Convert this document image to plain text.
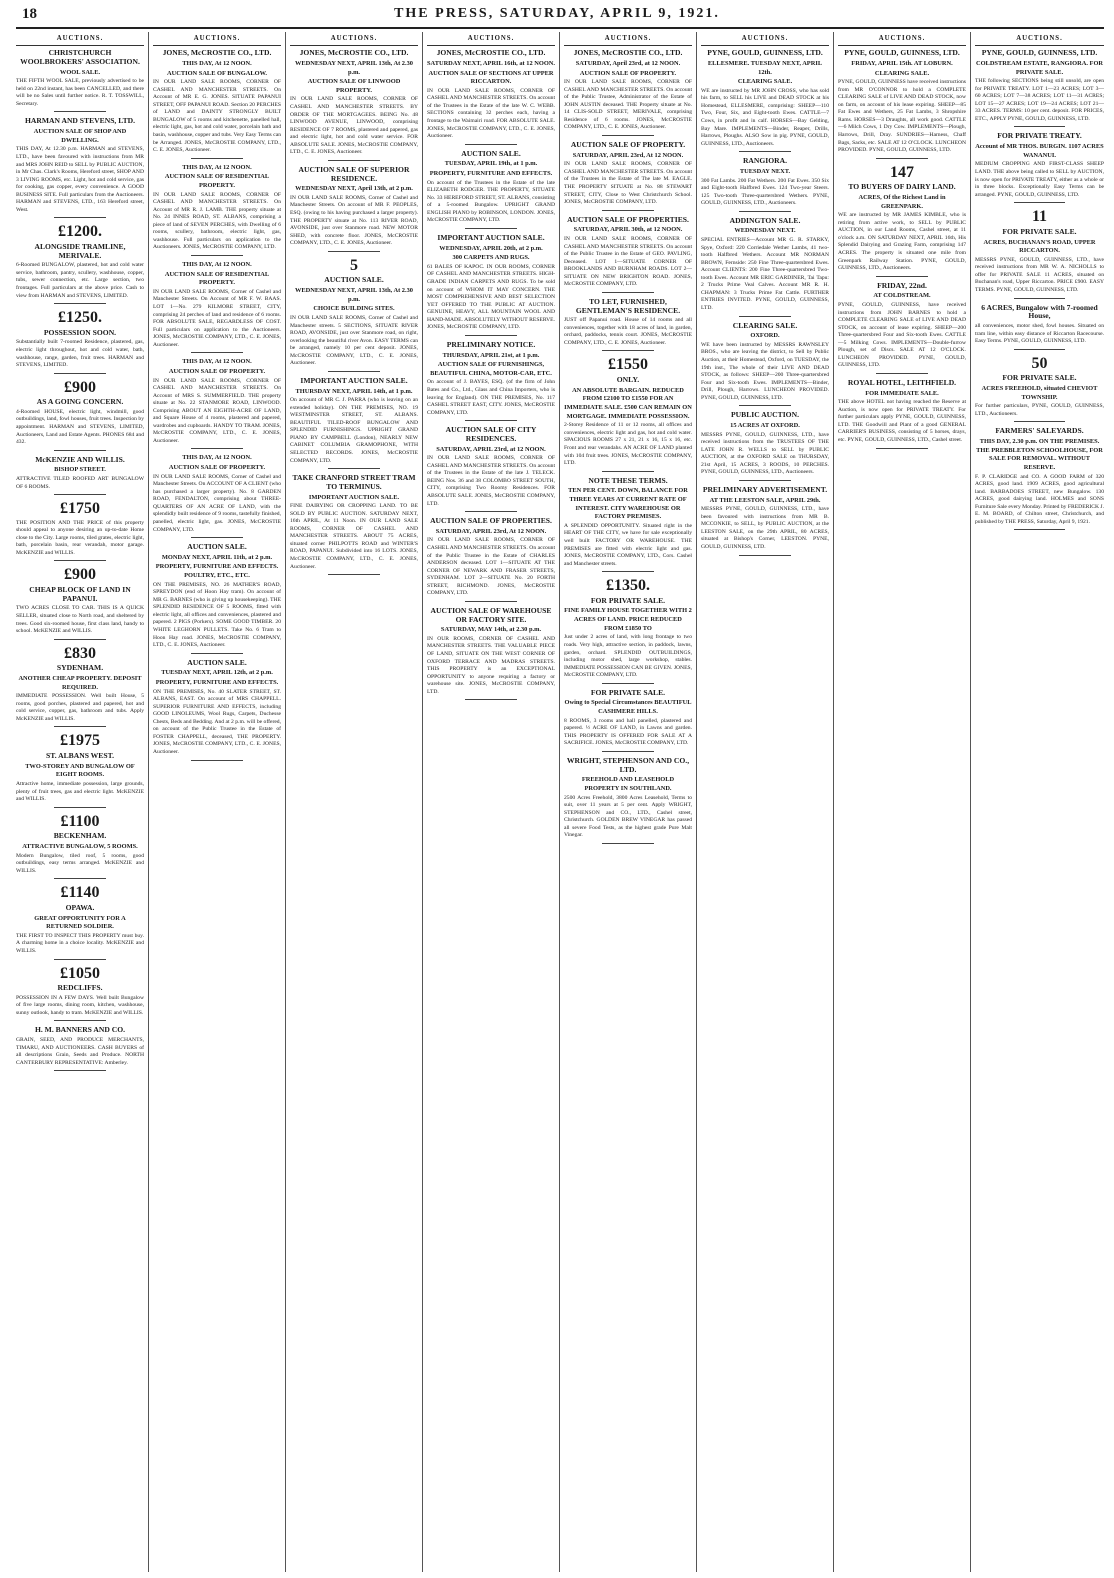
18	THE PRESS, SATURDAY, APRIL 9, 1921.
AUCTIONS.
CHRISTCHURCH WOOLBROKERS' ASSOCIATION.
WOOL SALE.
THE FIFTH WOOL SALE, previously advertised to be held on 22nd instant, has been CANCELLED, and there will be no Sales until further notice. R. T. TOSSWILL, Secretary.
HARMAN AND STEVENS, LTD.
AUCTION SALE OF SHOP AND DWELLING.
THIS DAY, At 12.30 p.m. HARMAN and STEVENS, LTD., have been favoured with instructions from MR and MRS JOHN REID to SELL by PUBLIC AUCTION, in Mr Chas. Clark's Rooms, Hereford street, SHOP AND 3 LIVING ROOMS, etc. Light, hot and cold service, gas for cooking, gas copper, every convenience. A GOOD BUSINESS SITE. Full particulars from the Auctioneers. HARMAN and STEVENS, LTD., 163 Hereford street, West.
£1200.
ALONGSIDE TRAMLINE, MERIVALE.
6-Roomed BUNGALOW, plastered, hot and cold water service, bathroom, pantry, scullery, washhouse, copper, tubs, sewer connection, etc. Large section, two frontages. Full particulars at the above price. Cash to view from HARMAN and STEVENS, LIMITED.
£1250.
POSSESSION SOON.
Substantially built 7-roomed Residence, plastered, gas, electric light throughout, hot and cold water, bath, washhouse, range, garden, fruit trees. HARMAN and STEVENS, LIMITED.
£900
AS A GOING CONCERN.
4-Roomed HOUSE, electric light, windmill, good outbuildings, land, fowl houses, fruit trees. Inspection by appointment. HARMAN and STEVENS, LIMITED, Auctioneers, Land and Estate Agents. PHONES 684 and 432.
McKENZIE AND WILLIS.
BISHOP STREET.
ATTRACTIVE TILED ROOFED ART BUNGALOW OF 6 ROOMS.
£1750
THE POSITION AND THE PRICE of this property should appeal to anyone desiring an up-to-date Home close to the City. Large rooms, tiled grates, electric light, bath, porcelain basin, rear verandah, motor garage. McKENZIE and WILLIS.
£900
CHEAP BLOCK OF LAND IN PAPANUI.
TWO ACRES CLOSE TO CAR. THIS IS A QUICK SELLER, situated close to North road, and sheltered by trees. Good six-roomed house, first class land, handy to school. McKENZIE and WILLIS.
£830
SYDENHAM.
ANOTHER CHEAP PROPERTY. DEPOSIT REQUIRED.
IMMEDIATE POSSESSION. Well built House, 5 rooms, good porches, plastered and papered, hot and cold service, copper, gas, bathroom and tubs. Apply McKENZIE and WILLIS.
£1975
ST. ALBANS WEST.
TWO-STOREY AND BUNGALOW OF EIGHT ROOMS.
Attractive home, immediate possession, large grounds, plenty of fruit trees, gas and electric light. McKENZIE and WILLIS.
£1100
BECKENHAM.
ATTRACTIVE BUNGALOW, 5 ROOMS.
Modern Bungalow, tiled roof, 5 rooms, good outbuildings, easy terms arranged. McKENZIE and WILLIS.
£1140
OPAWA.
GREAT OPPORTUNITY FOR A RETURNED SOLDIER.
THE FIRST TO INSPECT THIS PROPERTY must buy. A charming home in a choice locality. McKENZIE and WILLIS.
£1050
REDCLIFFS.
POSSESSION IN A FEW DAYS. Well built Bungalow of five large rooms, dining room, kitchen, washhouse, sunny outlook, handy to tram. McKENZIE and WILLIS.
H. M. BANNERS AND CO.
GRAIN, SEED, AND PRODUCE MERCHANTS, TIMARU, AND AUCTIONEERS. CASH BUYERS of all descriptions Grain, Seeds and Produce. NORTH CANTERBURY REPRESENTATIVE: Amberley.
AUCTIONS.
JONES, McCROSTIE CO., LTD.
THIS DAY, At 12 NOON.
AUCTION SALE OF BUNGALOW.
IN OUR LAND SALE ROOMS, CORNER OF CASHEL AND MANCHESTER STREETS. On Account of MR E. G. JONES. SITUATE PAPANUI STREET, OFF PAPANUI ROAD. Section 20 PERCHES of LAND and DAINTY STRONGLY BUILT BUNGALOW of 5 rooms and kitchenette, panelled hall, electric light, gas, hot and cold water, porcelain bath and basin, washhouse, copper and tubs. Very Easy Terms can be Arranged. JONES, McCROSTIE COMPANY, LTD., C. E. JONES, Auctioneer.
THIS DAY, At 12 NOON.
AUCTION SALE OF RESIDENTIAL PROPERTY.
IN OUR LAND SALE ROOMS, CORNER OF CASHEL AND MANCHESTER STREETS. On Account of MR R. J. LAMB. THE property situate at No. 24 INNES ROAD, ST. ALBANS, comprising a piece of land of SEVEN PERCHES, with Dwelling of 6 rooms, scullery, bathroom, electric light, gas, washhouse. Full particulars on application to the Auctioneers. JONES, McCROSTIE COMPANY, LTD.
THIS DAY, At 12 NOON.
AUCTION SALE OF RESIDENTIAL PROPERTY.
IN OUR LAND SALE ROOMS, Corner of Cashel and Manchester Streets. On Account of MR F. W. BAAS. LOT 1—No. 279 KILMORE STREET, CITY, comprising 24 perches of land and residence of 6 rooms. FOR ABSOLUTE SALE, REGARDLESS OF COST. Full particulars on application to the Auctioneers. JONES, McCROSTIE COMPANY, LTD., C. E. JONES, Auctioneer.
THIS DAY, At 12 NOON.
AUCTION SALE OF PROPERTY.
IN OUR LAND SALE ROOMS, CORNER OF CASHEL AND MANCHESTER STREETS. On Account of MRS S. SUMMERFIELD. THE property situate at No. 22 STANMORE ROAD, LINWOOD. Comprising ABOUT AN EIGHTH-ACRE OF LAND, and Square House of 4 rooms, plastered and papered, wardrobes and cupboards. HANDY TO TRAM. JONES, McCROSTIE COMPANY, LTD., C. E. JONES, Auctioneer.
THIS DAY, At 12 NOON.
AUCTION SALE OF PROPERTY.
IN OUR LAND SALE ROOMS, Corner of Cashel and Manchester Streets. On ACCOUNT OF A CLIENT (who has purchased a larger property). No. 8 GARDEN ROAD, FENDALTON, comprising about THREE-QUARTERS OF AN ACRE OF LAND, with the splendidly built residence of 9 rooms, tastefully finished, panelled, electric light, gas. JONES, McCROSTIE COMPANY, LTD.
AUCTION SALE.
MONDAY NEXT, APRIL 11th, at 2 p.m.
PROPERTY, FURNITURE AND EFFECTS. POULTRY, ETC., ETC.
ON THE PREMISES, NO. 26 MATHER'S ROAD, SPREYDON (end of Hoon Hay tram). On account of MR G. BARNES (who is giving up housekeeping). THE SPLENDID RESIDENCE OF 5 ROOMS, fitted with electric light, all offices and conveniences, plastered and papered. 2 PIGS (Porkers). SOME GOOD TIMBER. 20 WHITE LEGHORN PULLETS. Take No. 6 Tram to Hoon Hay road. JONES, McCROSTIE COMPANY, LTD., C. E. JONES, Auctioneer.
AUCTION SALE.
TUESDAY NEXT, APRIL 12th, at 2 p.m.
PROPERTY, FURNITURE AND EFFECTS.
ON THE PREMISES, No. 40 SLATER STREET, ST. ALBANS, EAST. On account of MRS CHAPPELL. SUPERIOR FURNITURE AND EFFECTS, including GOOD LINOLEUMS, Wool Rugs, Carpets, Duchesse Chests, Beds and Bedding. And at 2 p.m. will be offered, on account of the Public Trustee in the Estate of FOSTER CHAPPELL, deceased, THE PROPERTY. JONES, McCROSTIE COMPANY, LTD., C. E. JONES, Auctioneer.
AUCTIONS.
JONES, McCROSTIE CO., LTD.
WEDNESDAY NEXT, APRIL 13th, At 2.30 p.m.
AUCTION SALE OF LINWOOD PROPERTY.
IN OUR LAND SALE ROOMS, CORNER OF CASHEL AND MANCHESTER STREETS. BY ORDER OF THE MORTGAGEES. BEING No. 48 LINWOOD AVENUE, LINWOOD, comprising RESIDENCE OF 7 ROOMS, plastered and papered, gas and electric light, hot and cold water service. FOR ABSOLUTE SALE. JONES, McCROSTIE COMPANY, LTD., C. E. JONES, Auctioneer.
AUCTION SALE OF SUPERIOR RESIDENCE.
WEDNESDAY NEXT, April 13th, at 2 p.m.
IN OUR LAND SALE ROOMS, Corner of Cashel and Manchester Streets. On account of MR F. PEOPLES, ESQ. (owing to his having purchased a larger property). THE PROPERTY situate at No. 113 RIVER ROAD, AVONSIDE, just over Stanmore road. NEW MOTOR SHED, with concrete floor. JONES, McCROSTIE COMPANY, LTD., C. E. JONES, Auctioneer.
5
AUCTION SALE.
WEDNESDAY NEXT, APRIL 13th, At 2.30 p.m.
CHOICE BUILDING SITES.
IN OUR LAND SALE ROOMS, Corner of Cashel and Manchester streets. 5 SECTIONS, SITUATE RIVER ROAD, AVONSIDE, just over Stanmore road, on right, overlooking the beautiful river Avon. EASY TERMS can be arranged, namely 10 per cent deposit. JONES, McCROSTIE COMPANY, LTD., C. E. JONES, Auctioneer.
IMPORTANT AUCTION SALE.
THURSDAY NEXT, APRIL 14th, at 1 p.m.
On account of MR C. J. PARRA (who is leaving on an extended holiday). ON THE PREMISES, NO. 19 WESTMINSTER STREET, ST. ALBANS. BEAUTIFUL TILED-ROOF BUNGALOW AND SPLENDID FURNISHINGS. UPRIGHT GRAND PIANO BY CAMPBELL (London), NEARLY NEW CABINET COLUMBIA GRAMOPHONE, WITH SELECTED RECORDS. JONES, McCROSTIE COMPANY, LTD.
TAKE CRANFORD STREET TRAM TO TERMINUS.
IMPORTANT AUCTION SALE.
FINE DAIRYING OR CROPPING LAND. TO BE SOLD BY PUBLIC AUCTION. SATURDAY NEXT, 16th APRIL, At 11 Noon. IN OUR LAND SALE ROOMS, CORNER OF CASHEL AND MANCHESTER STREETS. ABOUT 75 ACRES, situated corner PHILPOTTS ROAD and WINTER'S ROAD, PAPANUI. Subdivided into 16 LOTS. JONES, McCROSTIE COMPANY, LTD., C. E. JONES, Auctioneer.
AUCTIONS.
JONES, McCROSTIE CO., LTD.
SATURDAY NEXT, APRIL 16th, at 12 NOON.
AUCTION SALE OF SECTIONS AT UPPER RICCARTON.
IN OUR LAND SALE ROOMS, CORNER OF CASHEL AND MANCHESTER STREETS. On account of the Trustees in the Estate of the late W. C. WEBB. SECTIONS containing 32 perches each, having a frontage to the Waimairi road. FOR ABSOLUTE SALE. JONES, McCROSTIE COMPANY, LTD., C. E. JONES, Auctioneer.
AUCTION SALE.
TUESDAY, APRIL 19th, at 1 p.m.
PROPERTY, FURNITURE AND EFFECTS.
On account of the Trustees in the Estate of the late ELIZABETH RODGER. THE PROPERTY, SITUATE No. 33 HEREFORD STREET, ST. ALBANS, consisting of a 5-roomed Bungalow. UPRIGHT GRAND ENGLISH PIANO by ROBINSON, LONDON. JONES, McCROSTIE COMPANY, LTD.
IMPORTANT AUCTION SALE.
WEDNESDAY, APRIL 20th, at 2 p.m.
300 CARPETS AND RUGS.
61 BALES OF KAPOC. IN OUR ROOMS, CORNER OF CASHEL AND MANCHESTER STREETS. HIGH-GRADE INDIAN CARPETS AND RUGS. To be sold on account of WHOM IT MAY CONCERN. THE MOST COMPREHENSIVE AND BEST SELECTION YET OFFERED TO THE PUBLIC AT AUCTION. GENUINE, HEAVY, ALL MOUNTAIN WOOL AND HAND-MADE. ABSOLUTELY WITHOUT RESERVE. JONES, McCROSTIE COMPANY, LTD.
PRELIMINARY NOTICE.
THURSDAY, APRIL 21st, at 1 p.m.
AUCTION SALE OF FURNISHINGS, BEAUTIFUL CHINA, MOTOR-CAR, ETC.
On account of J. BAYES, ESQ. (of the firm of John Bates and Co., Ltd., Glass and China Importers, who is leaving for England). ON THE PREMISES, No. 117 CASHEL STREET EAST, CITY. JONES, McCROSTIE COMPANY, LTD.
AUCTION SALE OF CITY RESIDENCES.
SATURDAY, APRIL 23rd, at 12 NOON.
IN OUR LAND SALE ROOMS, CORNER OF CASHEL AND MANCHESTER STREETS. On account of the Trustees in the Estate of the late J. TELECK. BEING Nos. 36 and 38 COLOMBO STREET SOUTH, CITY, comprising Two Roomy Residences. FOR ABSOLUTE SALE. JONES, McCROSTIE COMPANY, LTD.
AUCTION SALE OF PROPERTIES.
SATURDAY, APRIL 23rd, At 12 NOON.
IN OUR LAND SALE ROOMS, CORNER OF CASHEL AND MANCHESTER STREETS. On account of the Public Trustee in the Estate of CHARLES ANDERSON deceased. LOT 1—SITUATE AT THE CORNER OF NEWARK AND FRASER STREETS, SYDENHAM. LOT 2—SITUATE No. 20 FORTH STREET, RICHMOND. JONES, McCROSTIE COMPANY, LTD.
AUCTION SALE OF WAREHOUSE OR FACTORY SITE.
SATURDAY, MAY 14th, at 2.30 p.m.
IN OUR ROOMS, CORNER OF CASHEL AND MANCHESTER STREETS. THE VALUABLE PIECE OF LAND, SITUATE ON THE WEST CORNER OF OXFORD TERRACE AND MADRAS STREETS. THIS PROPERTY is an EXCEPTIONAL OPPORTUNITY to anyone requiring a factory or warehouse site. JONES, McCROSTIE COMPANY, LTD.
AUCTIONS.
JONES, McCROSTIE CO., LTD.
SATURDAY, April 23rd, at 12 NOON.
AUCTION SALE OF PROPERTY.
IN OUR LAND SALE ROOMS, CORNER OF CASHEL AND MANCHESTER STREETS. On account of the Public Trustee, Administrator of the Estate of JOHN AUSTIN deceased. THE Property situate at No. 14 CLIS-SOLD STREET, MERIVALE, comprising Residence of 6 rooms. JONES, McCROSTIE COMPANY, LTD., C. E. JONES, Auctioneer.
AUCTION SALE OF PROPERTY.
SATURDAY, APRIL 23rd, At 12 NOON.
IN OUR LAND SALE ROOMS, CORNER OF CASHEL AND MANCHESTER STREETS. On account of the Trustees in the Estate of The late M. EAGLE. THE PROPERTY SITUATE at No. 88 STEWART STREET, CITY, Close to West Christchurch School. JONES, McCROSTIE COMPANY, LTD.
AUCTION SALE OF PROPERTIES.
SATURDAY, APRIL 30th, at 12 NOON.
IN OUR LAND SALE ROOMS, CORNER OF CASHEL AND MANCHESTER STREETS. On account of the Public Trustee in the Estate of GEO. PAVLING, Deceased. LOT 1—SITUATE CORNER OF BROOKLANDS AND BURNHAM ROADS. LOT 2—SITUATE ON NEW BRIGHTON ROAD. JONES, McCROSTIE COMPANY, LTD.
TO LET, FURNISHED, GENTLEMAN'S RESIDENCE.
JUST off Papanui road. House of 14 rooms and all conveniences, together with 18 acres of land, in garden, orchard, paddocks, tennis court. JONES, McCROSTIE COMPANY, LTD., C. E. JONES, Auctioneer.
£1550
ONLY.
AN ABSOLUTE BARGAIN. REDUCED FROM £2100 TO £1550 FOR AN IMMEDIATE SALE. £500 CAN REMAIN ON MORTGAGE. IMMEDIATE POSSESSION.
2-Storey Residence of 11 or 12 rooms, all offices and conveniences, electric light and gas, hot and cold water. SPACIOUS ROOMS 27 x 21, 21 x 16, 15 x 16, etc. Front and rear verandahs. AN ACRE OF LAND planted with 104 fruit trees. JONES, McCROSTIE COMPANY, LTD.
NOTE THESE TERMS.
TEN PER CENT. DOWN, BALANCE FOR THREE YEARS AT CURRENT RATE OF INTEREST. CITY WAREHOUSE OR FACTORY PREMISES.
A SPLENDID OPPORTUNITY. Situated right in the HEART OF THE CITY, we have for sale exceptionally well built FACTORY OR WAREHOUSE. THE PREMISES are fitted with electric light and gas. JONES, McCROSTIE COMPANY, LTD., Cors. Cashel and Manchester streets.
£1350.
FOR PRIVATE SALE.
FINE FAMILY HOUSE TOGETHER WITH 2 ACRES OF LAND. PRICE REDUCED FROM £1850 TO
Just under 2 acres of land, with long frontage to two roads. Very high, attractive section, in paddock, lawns, garden, orchard. SPLENDID OUTBUILDINGS, including motor shed, large workshop, stables. IMMEDIATE POSSESSION CAN BE GIVEN. JONES, McCROSTIE COMPANY, LTD.
FOR PRIVATE SALE.
Owing to Special Circumstances BEAUTIFUL CASHMERE HILLS.
8 ROOMS, 3 rooms and hall panelled, plastered and papered. ½ ACRE OF LAND, in Lawns and garden. THIS PROPERTY IS OFFERED FOR SALE AT A SACRIFICE. JONES, McCROSTIE COMPANY, LTD.
WRIGHT, STEPHENSON AND CO., LTD.
FREEHOLD AND LEASEHOLD PROPERTY IN SOUTHLAND.
2500 Acres Freehold, 3800 Acres Leasehold, Terms to suit, over 11 years at 5 per cent. Apply WRIGHT, STEPHENSON and CO., LTD., Cashel street, Christchurch. GOLDEN BREW VINEGAR has passed all severe Food Tests, as the highest grade Pure Malt Vinegar.
AUCTIONS.
PYNE, GOULD, GUINNESS, LTD.
ELLESMERE. TUESDAY NEXT, APRIL 12th.
CLEARING SALE.
WE are instructed by MR JOHN CROSS, who has sold his farm, to SELL his LIVE and DEAD STOCK at his Homestead, ELLESMERE, comprising: SHEEP—110 Two, Four, Six, and Eight-tooth Ewes. CATTLE—7 Cows, in profit and in calf. HORSES—Bay Gelding, Bay Mare. IMPLEMENTS—Binder, Reaper, Drills, Harrows, Ploughs. ALSO Sow in pig. PYNE, GOULD, GUINNESS, LTD., Auctioneers.
RANGIORA.
TUESDAY NEXT.
300 Fat Lambs. 200 Fat Wethers. 200 Fat Ewes. 350 Six and Eight-tooth Halfbred Ewes. 124 Two-year Steers. 125 Two-tooth Three-quartersbred Wethers. PYNE, GOULD, GUINNESS, LTD., Auctioneers.
ADDINGTON SALE.
WEDNESDAY NEXT.
SPECIAL ENTRIES—Account MR G. R. STARKY, Spye, Oxford: 220 Corriedale Wether Lambs, 41 two-tooth Halfbred Wethers. Account MR NORMAN BROWN, Fernside: 250 Fine Three-quartersbred Ewes. Account CLIENTS: 200 Fine Three-quartersbred Two-tooth Ewes. Account MR ERIC GARDINER, Tai Tapu: 2 Trucks Prime Veal Calves. Account MR R. H. CHAPMAN: 3 Trucks Prime Fat Cattle. FURTHER ENTRIES INVITED. PYNE, GOULD, GUINNESS, LTD.
CLEARING SALE.
OXFORD.
WE have been instructed by MESSRS RAWNSLEY BROS., who are leaving the district, to Sell by Public Auction, at their Homestead, Oxford, on TUESDAY, the 19th inst., The whole of their LIVE AND DEAD STOCK, as follows: SHEEP—200 Three-quartersbred Four and Six-tooth Ewes. IMPLEMENTS—Binder, Drill, Plough, Harrows. LUNCHEON PROVIDED. PYNE, GOULD, GUINNESS, LTD.
PUBLIC AUCTION.
15 ACRES AT OXFORD.
MESSRS PYNE, GOULD, GUINNESS, LTD., have received instructions from the TRUSTEES OF THE LATE JOHN R. WELLS to SELL by PUBLIC AUCTION, at the OXFORD SALE on THURSDAY, 21st April, 15 ACRES, 3 ROODS, 10 PERCHES. PYNE, GOULD, GUINNESS, LTD., Auctioneers.
PRELIMINARY ADVERTISEMENT.
AT THE LEESTON SALE, APRIL 29th.
MESSRS PYNE, GOULD, GUINNESS, LTD., have been favoured with instructions from MR B. MCCONKIE, to SELL, by PUBLIC AUCTION, at the LEESTON SALE, on the 29th APRIL, 80 ACRES, situated at Bishop's Corner, LEESTON. PYNE, GOULD, GUINNESS, LTD.
AUCTIONS.
PYNE, GOULD, GUINNESS, LTD.
FRIDAY, APRIL 15th. AT LOBURN.
CLEARING SALE.
PYNE, GOULD, GUINNESS have received instructions from MR O'CONNOR to hold a COMPLETE CLEARING SALE of LIVE AND DEAD STOCK, now on farm, on account of his lease expiring. SHEEP—85 Fat Ewes and Wethers, 25 Fat Lambs, 3 Shropshire Rams. HORSES—3 Draughts, all work good. CATTLE—6 Milch Cows, 1 Dry Cow. IMPLEMENTS—Plough, Harrows, Drill, Dray. SUNDRIES—Harness, Chaff Bags, Sacks, etc. SALE AT 12 O'CLOCK. LUNCHEON PROVIDED. PYNE, GOULD, GUINNESS, LTD.
147
TO BUYERS OF DAIRY LAND.
ACRES, Of the Richest Land in GREENPARK.
WE are instructed by MR JAMES KIMBLE, who is retiring from active work, to SELL by PUBLIC AUCTION, in our Land Rooms, Cashel street, at 11 o'clock a.m. ON SATURDAY NEXT, APRIL 16th, His Splendid Dairying and Grazing Farm, comprising 147 ACRES. The property is situated one mile from Greenpark Railway Station. PYNE, GOULD, GUINNESS, LTD., Auctioneers.
FRIDAY, 22nd.
AT COLDSTREAM.
PYNE, GOULD, GUINNESS, have received instructions from JOHN BARNES to hold a COMPLETE CLEARING SALE of LIVE AND DEAD STOCK, on account of lease expiring. SHEEP—200 Three-quartersbred Four and Six-tooth Ewes. CATTLE—5 Milking Cows. IMPLEMENTS—Double-furrow Plough, set of Discs. SALE AT 12 O'CLOCK. LUNCHEON PROVIDED. PYNE, GOULD, GUINNESS, LTD.
ROYAL HOTEL, LEITHFIELD.
FOR IMMEDIATE SALE.
THE above HOTEL not having reached the Reserve at Auction, is now open for PRIVATE TREATY. For further particulars apply PYNE, GOULD, GUINNESS, LTD. THE Goodwill and Plant of a good GENERAL CARRIER'S BUSINESS, consisting of 5 horses, drays, etc. PYNE, GOULD, GUINNESS, LTD., Cashel street.
AUCTIONS.
PYNE, GOULD, GUINNESS, LTD.
COLDSTREAM ESTATE, RANGIORA. FOR PRIVATE SALE.
THE following SECTIONS being still unsold, are open for PRIVATE TREATY. LOT 1—23 ACRES; LOT 3—60 ACRES; LOT 7—38 ACRES; LOT 11—31 ACRES; LOT 15—27 ACRES; LOT 19—24 ACRES; LOT 21—33 ACRES. TERMS: 10 per cent. deposit. FOR PRICES, ETC., APPLY PYNE, GOULD, GUINNESS, LTD.
FOR PRIVATE TREATY.
Account of MR THOS. BURGIN. 1107 ACRES WANANUI.
MEDIUM CROPPING AND FIRST-CLASS SHEEP LAND. THE above being called to SELL by AUCTION, is now open for PRIVATE TREATY, either as a whole or in three blocks. Exceptionally Easy Terms can be arranged. PYNE, GOULD, GUINNESS, LTD.
11
FOR PRIVATE SALE.
ACRES, BUCHANAN'S ROAD, UPPER RICCARTON.
MESSRS PYNE, GOULD, GUINNESS, LTD., have received instructions from MR W. A. NICHOLLS to offer for PRIVATE SALE 11 ACRES, situated on Buchanan's road, Upper Riccarton. PRICE £900. EASY TERMS. PYNE, GOULD, GUINNESS, LTD.
6 ACRES, Bungalow with 7-roomed House,
all conveniences, motor shed, fowl houses. Situated on tram line, within easy distance of Riccarton Racecourse. Easy Terms. PYNE, GOULD, GUINNESS, LTD.
50
FOR PRIVATE SALE.
ACRES FREEHOLD, situated CHEVIOT TOWNSHIP.
For further particulars, PYNE, GOULD, GUINNESS, LTD., Auctioneers.
FARMERS' SALEYARDS.
THIS DAY, 2.30 p.m. ON THE PREMISES. THE PREBBLETON SCHOOLHOUSE, FOR SALE FOR REMOVAL. WITHOUT RESERVE.
F. P. CLARIDGE and CO. A GOOD FARM of 320 ACRES, good land. 1909 ACRES, good agricultural land. BARBADOES STREET, new Bungalow. 130 ACRES, good dairying land. HOLMES and SONS Furniture Sale every Monday. Printed by FREDERICK J. E. M. BOARD, of Chilton street, Christchurch, and published by THE PRESS, Saturday, April 9, 1921.
